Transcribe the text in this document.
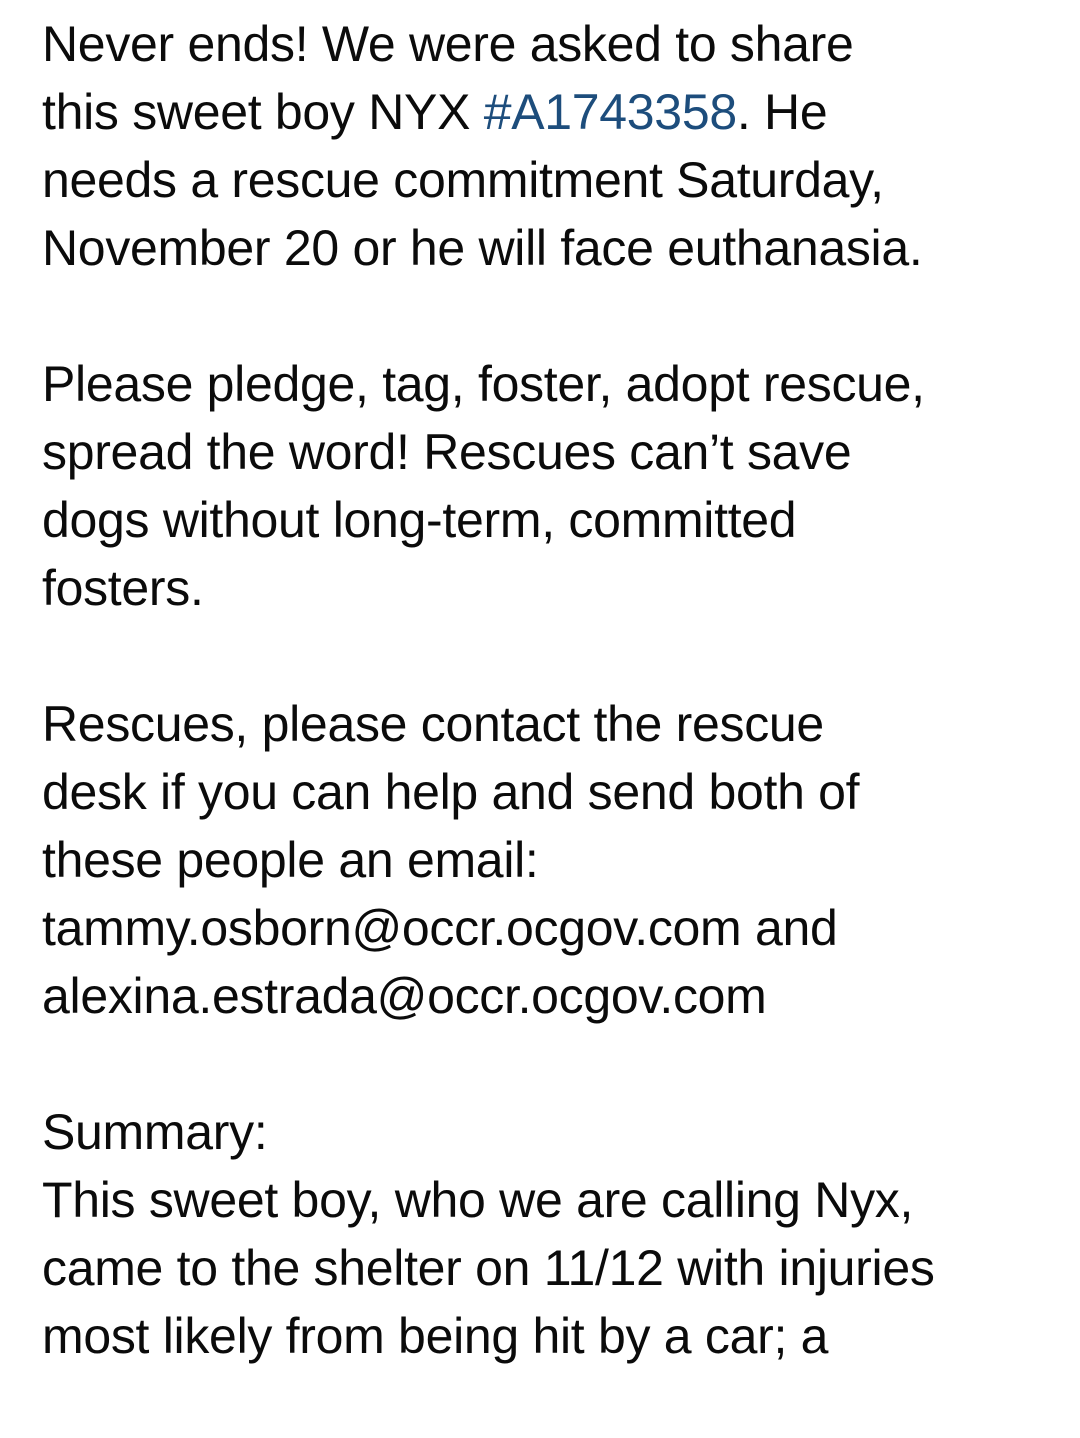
Never ends! We were asked to share
this sweet boy NYX #A1743358. He
needs a rescue commitment Saturday,
November 20 or he will face euthanasia.
Please pledge, tag, foster, adopt rescue,
spread the word! Rescues can’t save
dogs without long-term, committed
fosters.
Rescues, please contact the rescue
desk if you can help and send both of
these people an email:
tammy.osborn@occr.ocgov.com and
alexina.estrada@occr.ocgov.com
Summary:
This sweet boy, who we are calling Nyx,
came to the shelter on 11/12 with injuries
most likely from being hit by a car; a
